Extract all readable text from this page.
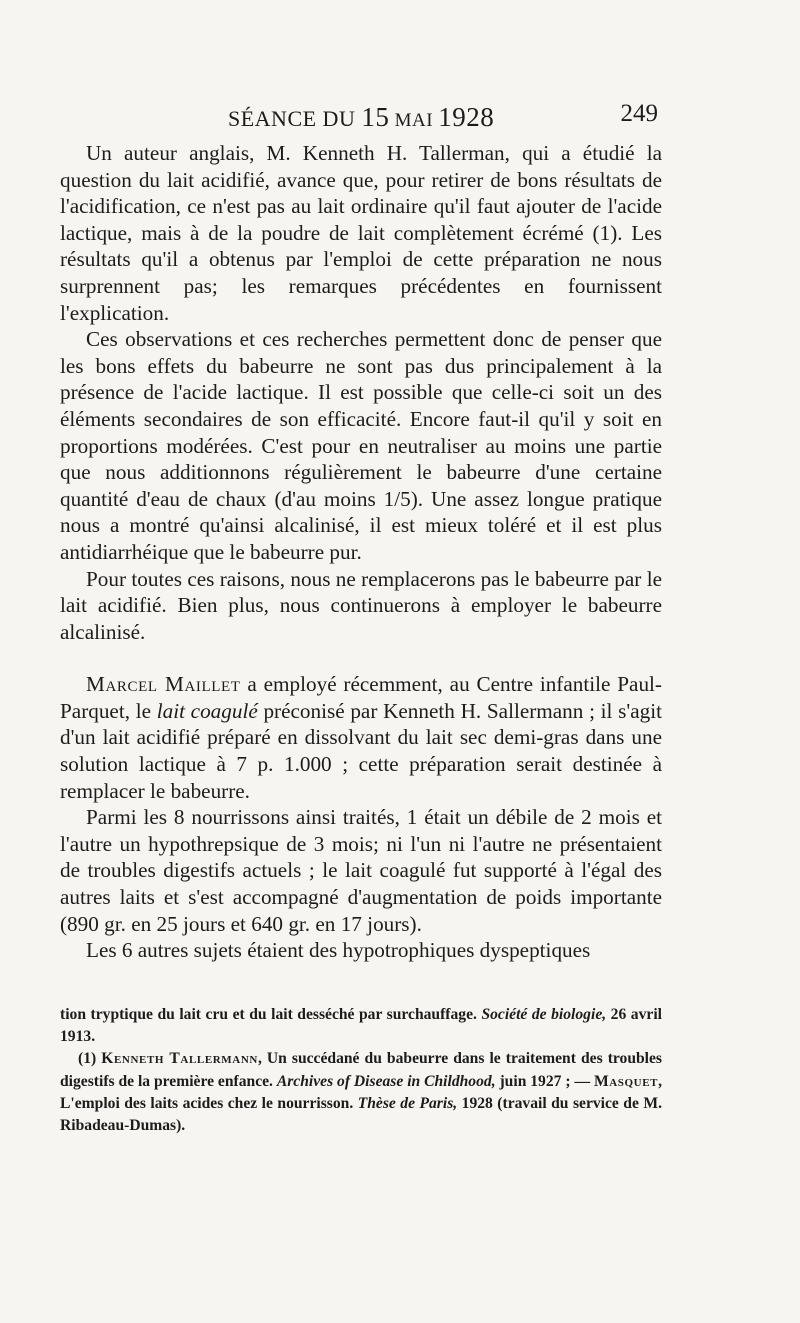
SÉANCE DU 15 MAI 1928	249

Un auteur anglais, M. Kenneth H. Tallerman, qui a étudié la question du lait acidifié, avance que, pour retirer de bons résultats de l'acidification, ce n'est pas au lait ordinaire qu'il faut ajouter de l'acide lactique, mais à de la poudre de lait complètement écrémé (1). Les résultats qu'il a obtenus par l'emploi de cette préparation ne nous surprennent pas; les remarques précédentes en fournissent l'explication.

Ces observations et ces recherches permettent donc de penser que les bons effets du babeurre ne sont pas dus principalement à la présence de l'acide lactique. Il est possible que celle-ci soit un des éléments secondaires de son efficacité. Encore faut-il qu'il y soit en proportions modérées. C'est pour en neutraliser au moins une partie que nous additionnons régulièrement le babeurre d'une certaine quantité d'eau de chaux (d'au moins 1/5). Une assez longue pratique nous a montré qu'ainsi alcalinisé, il est mieux toléré et il est plus antidiarrhéique que le babeurre pur.

Pour toutes ces raisons, nous ne remplacerons pas le babeurre par le lait acidifié. Bien plus, nous continuerons à employer le babeurre alcalinisé.

Marcel Maillet a employé récemment, au Centre infantile Paul-Parquet, le lait coagulé préconisé par Kenneth H. Sallermann ; il s'agit d'un lait acidifié préparé en dissolvant du lait sec demi-gras dans une solution lactique à 7 p. 1.000 ; cette préparation serait destinée à remplacer le babeurre.

Parmi les 8 nourrissons ainsi traités, 1 était un débile de 2 mois et l'autre un hypothrepsique de 3 mois; ni l'un ni l'autre ne présentaient de troubles digestifs actuels ; le lait coagulé fut supporté à l'égal des autres laits et s'est accompagné d'augmentation de poids importante (890 gr. en 25 jours et 640 gr. en 17 jours).

Les 6 autres sujets étaient des hypotrophiques dyspeptiques

tion tryptique du lait cru et du lait desséché par surchauffage. Société de biologie, 26 avril 1913.

(1) Kenneth Tallermann, Un succédané du babeurre dans le traitement des troubles digestifs de la première enfance. Archives of Disease in Childhood, juin 1927 ; — Masquet, L'emploi des laits acides chez le nourrisson. Thèse de Paris, 1928 (travail du service de M. Ribadeau-Dumas).
